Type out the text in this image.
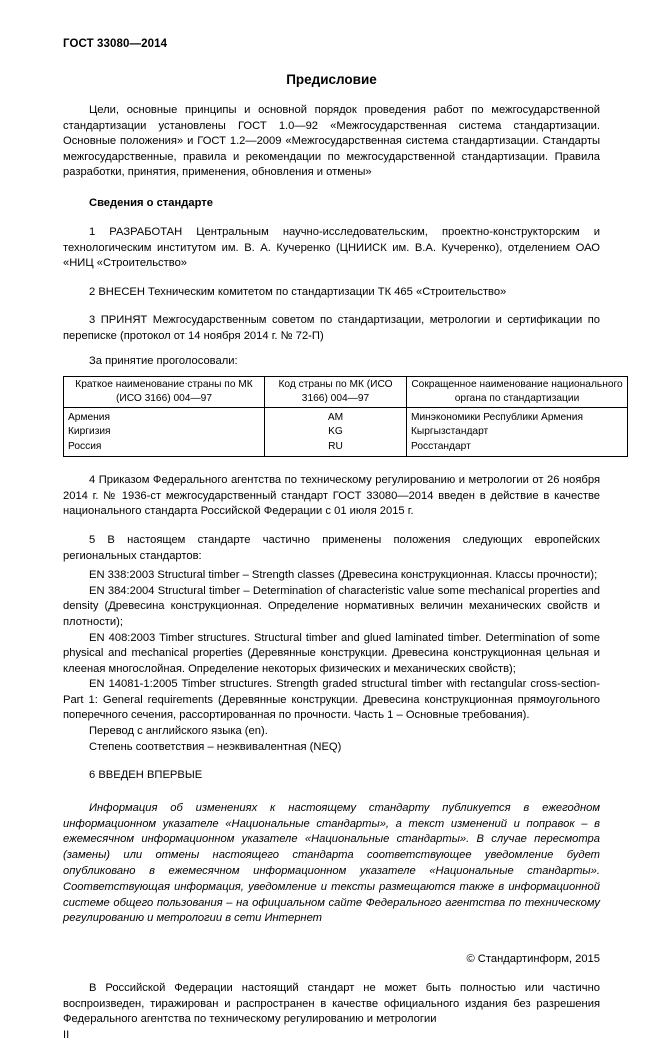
ГОСТ 33080—2014
Предисловие

Цели, основные принципы и основной порядок проведения работ по межгосударственной стандартизации установлены ГОСТ 1.0—92 «Межгосударственная система стандартизации. Основные положения» и ГОСТ 1.2—2009 «Межгосударственная система стандартизации. Стандарты межгосударственные, правила и рекомендации по межгосударственной стандартизации. Правила разработки, принятия, применения, обновления и отмены»

Сведения о стандарте

1 РАЗРАБОТАН Центральным научно-исследовательским, проектно-конструкторским и технологическим институтом им. В. А. Кучеренко (ЦНИИСК им. В.А. Кучеренко), отделением ОАО «НИЦ «Строительство»

2 ВНЕСЕН Техническим комитетом по стандартизации ТК 465 «Строительство»

3 ПРИНЯТ Межгосударственным советом по стандартизации, метрологии и сертификации по переписке (протокол от 14 ноября 2014 г. № 72-П)

За принятие проголосовали:

Краткое наименование страны по МК (ИСО 3166) 004—97	Код страны по МК (ИСО 3166) 004—97	Сокращенное наименование национального органа по стандартизации
Армения	AM	Минэкономики Республики Армения
Киргизия	KG	Кыргызстандарт
Россия	RU	Росстандарт

4 Приказом Федерального агентства по техническому регулированию и метрологии от 26 ноября 2014 г. № 1936-ст межгосударственный стандарт ГОСТ 33080—2014 введен в действие в качестве национального стандарта Российской Федерации с 01 июля 2015 г.

5 В настоящем стандарте частично применены положения следующих европейских региональных стандартов:

EN 338:2003 Structural timber – Strength classes (Древесина конструкционная. Классы прочности);

EN 384:2004 Structural timber – Determination of characteristic value some mechanical properties and density (Древесина конструкционная. Определение нормативных величин механических свойств и плотности);

EN 408:2003 Timber structures. Structural timber and glued laminated timber. Determination of some physical and mechanical properties (Деревянные конструкции. Древесина конструкционная цельная и клееная многослойная. Определение некоторых физических и механических свойств);

EN 14081-1:2005 Timber structures. Strength graded structural timber with rectangular cross-section-Part 1: General requirements (Деревянные конструкции. Древесина конструкционная прямоугольного поперечного сечения, рассортированная по прочности. Часть 1 – Основные требования).

Перевод с английского языка (en).

Степень соответствия – неэквивалентная (NEQ)

6 ВВЕДЕН ВПЕРВЫЕ

Информация об изменениях к настоящему стандарту публикуется в ежегодном информационном указателе «Национальные стандарты», а текст изменений и поправок – в ежемесячном информационном указателе «Национальные стандарты». В случае пересмотра (замены) или отмены настоящего стандарта соответствующее уведомление будет опубликовано в ежемесячном информационном указателе «Национальные стандарты». Соответствующая информация, уведомление и тексты размещаются также в информационной системе общего пользования – на официальном сайте Федерального агентства по техническому регулированию и метрологии в сети Интернет

© Стандартинформ, 2015

В Российской Федерации настоящий стандарт не может быть полностью или частично воспроизведен, тиражирован и распространен в качестве официального издания без разрешения Федерального агентства по техническому регулированию и метрологии

II
